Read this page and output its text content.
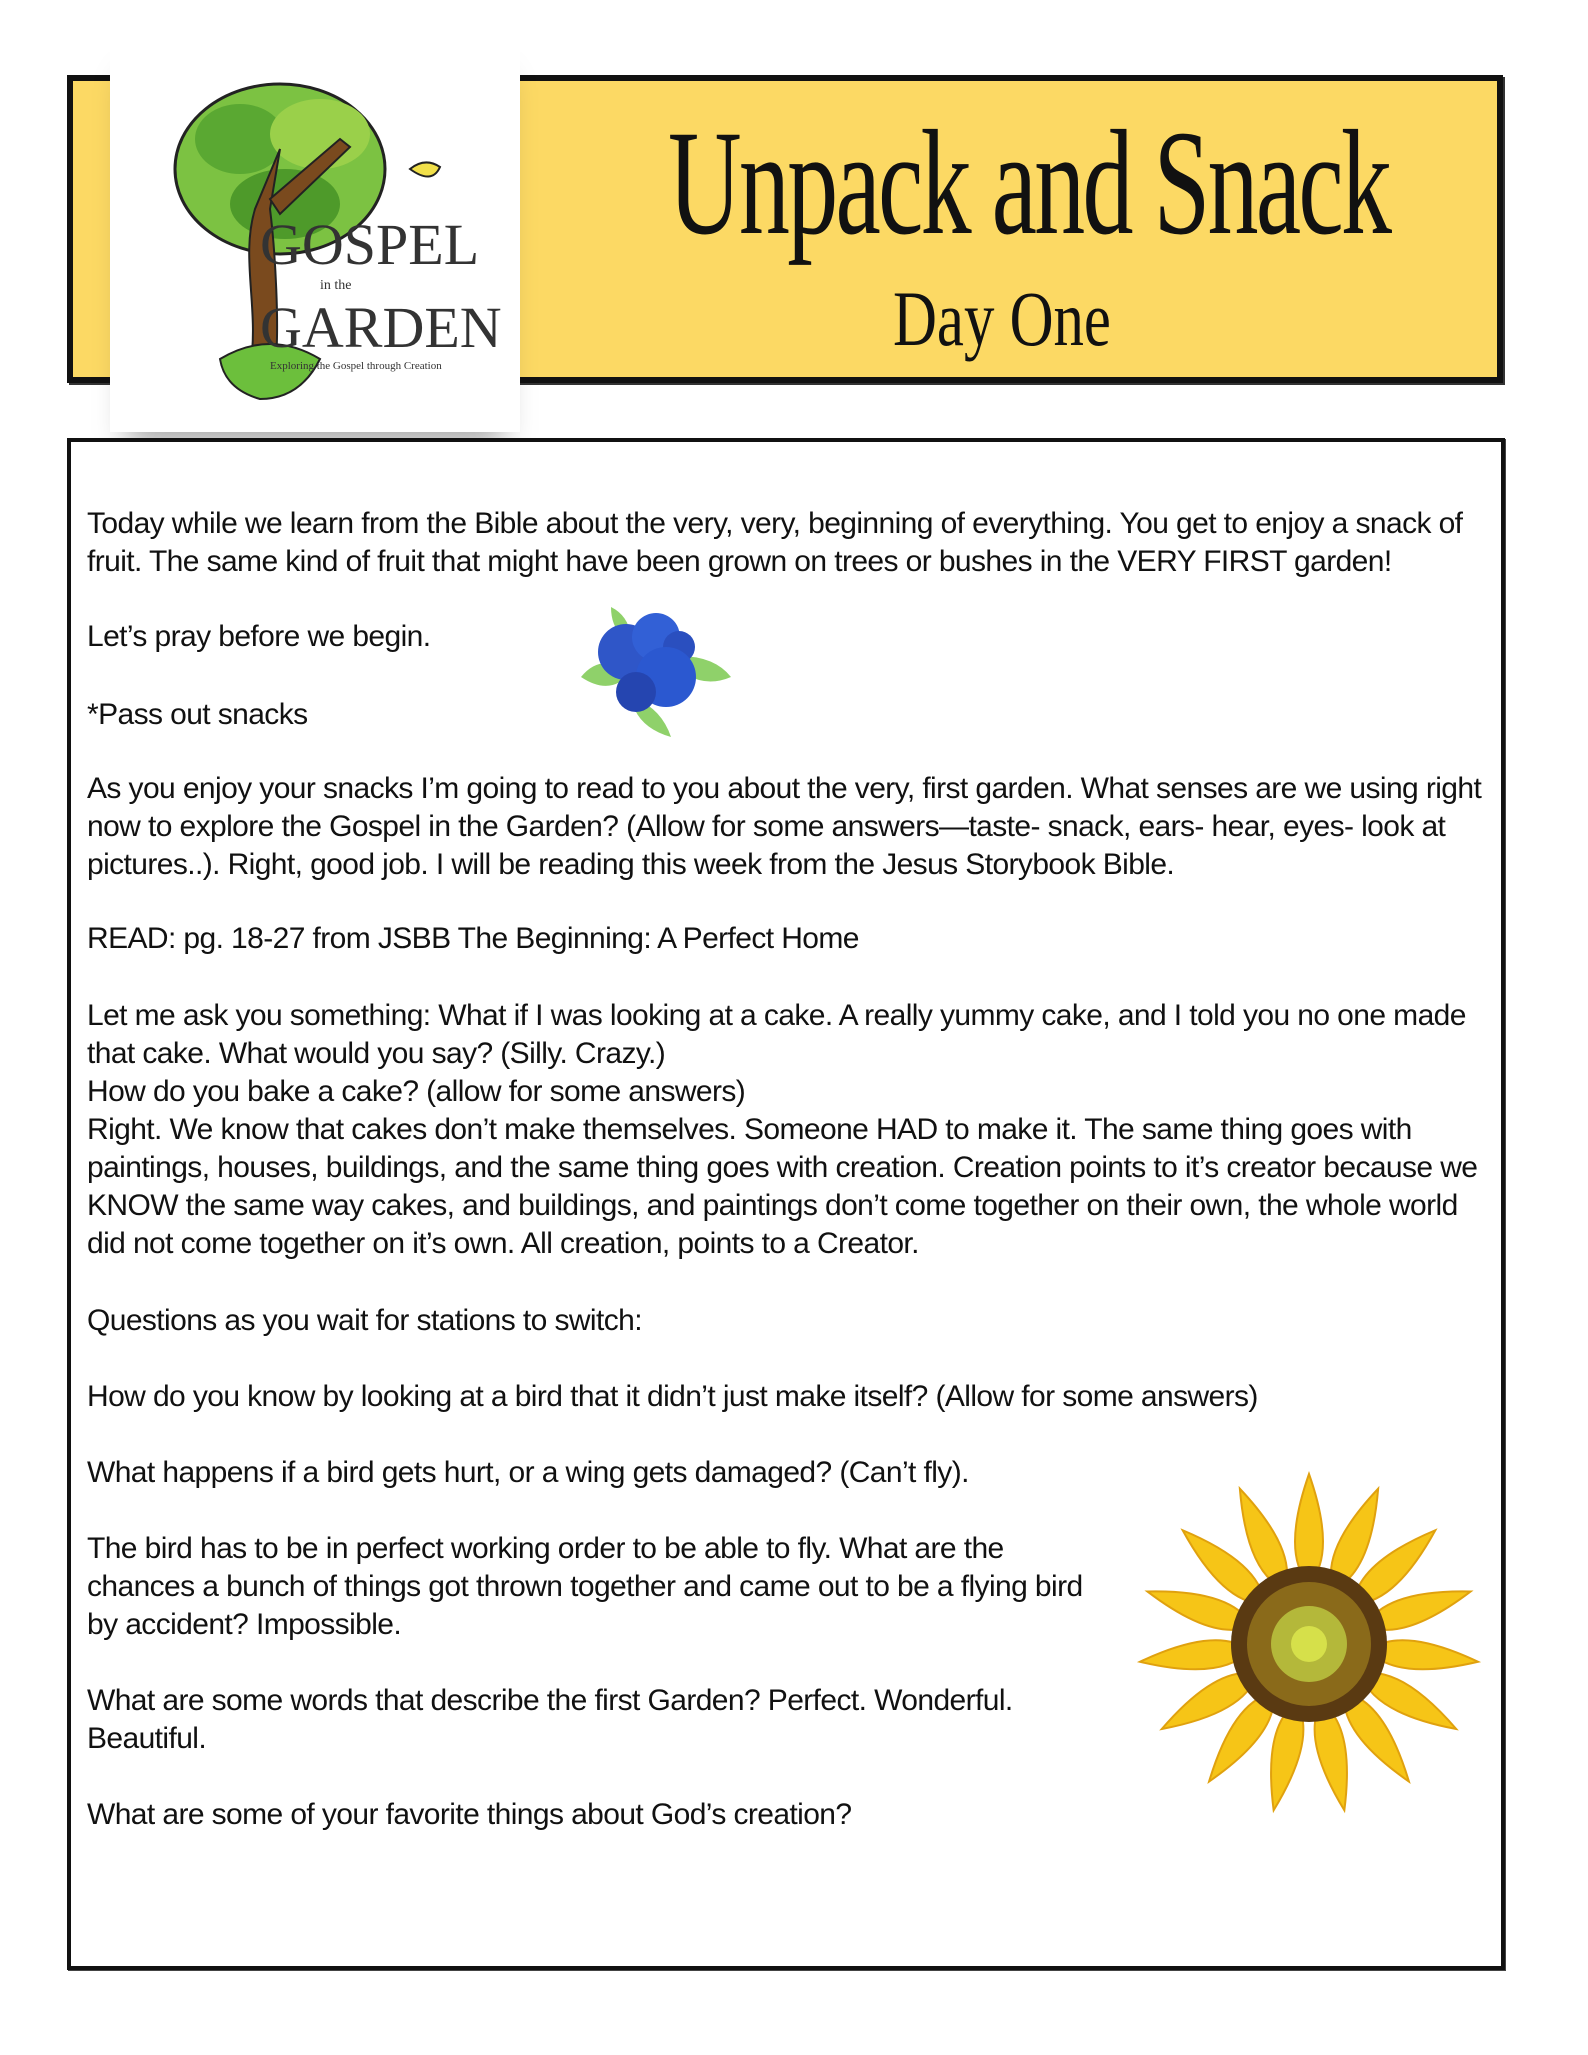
GOSPEL
in the
GARDEN
Exploring the Gospel through Creation
Unpack and Snack
Day One
Today while we learn from the Bible about the very, very, beginning of everything. You get to enjoy a snack of fruit. The same kind of fruit that might have been grown on trees or bushes in the VERY FIRST garden!
Let’s pray before we begin.
*Pass out snacks
As you enjoy your snacks I’m going to read to you about the very, first garden. What senses are we using right now to explore the Gospel in the Garden? (Allow for some answers—taste- snack, ears- hear, eyes- look at pictures..). Right, good job. I will be reading this week from the Jesus Storybook Bible.
READ: pg. 18-27 from JSBB The Beginning: A Perfect Home
Let me ask you something: What if I was looking at a cake. A really yummy cake, and I told you no one made that cake. What would you say? (Silly. Crazy.)
How do you bake a cake? (allow for some answers)
Right. We know that cakes don’t make themselves. Someone HAD to make it. The same thing goes with paintings, houses, buildings, and the same thing goes with creation. Creation points to it’s creator because we KNOW the same way cakes, and buildings, and paintings don’t come together on their own, the whole world did not come together on it’s own. All creation, points to a Creator.
Questions as you wait for stations to switch:
How do you know by looking at a bird that it didn’t just make itself? (Allow for some answers)
What happens if a bird gets hurt, or a wing gets damaged? (Can’t fly).
The bird has to be in perfect working order to be able to fly. What are the chances a bunch of things got thrown together and came out to be a flying bird by accident? Impossible.
What are some words that describe the first Garden? Perfect. Wonderful. Beautiful.
What are some of your favorite things about God’s creation?
